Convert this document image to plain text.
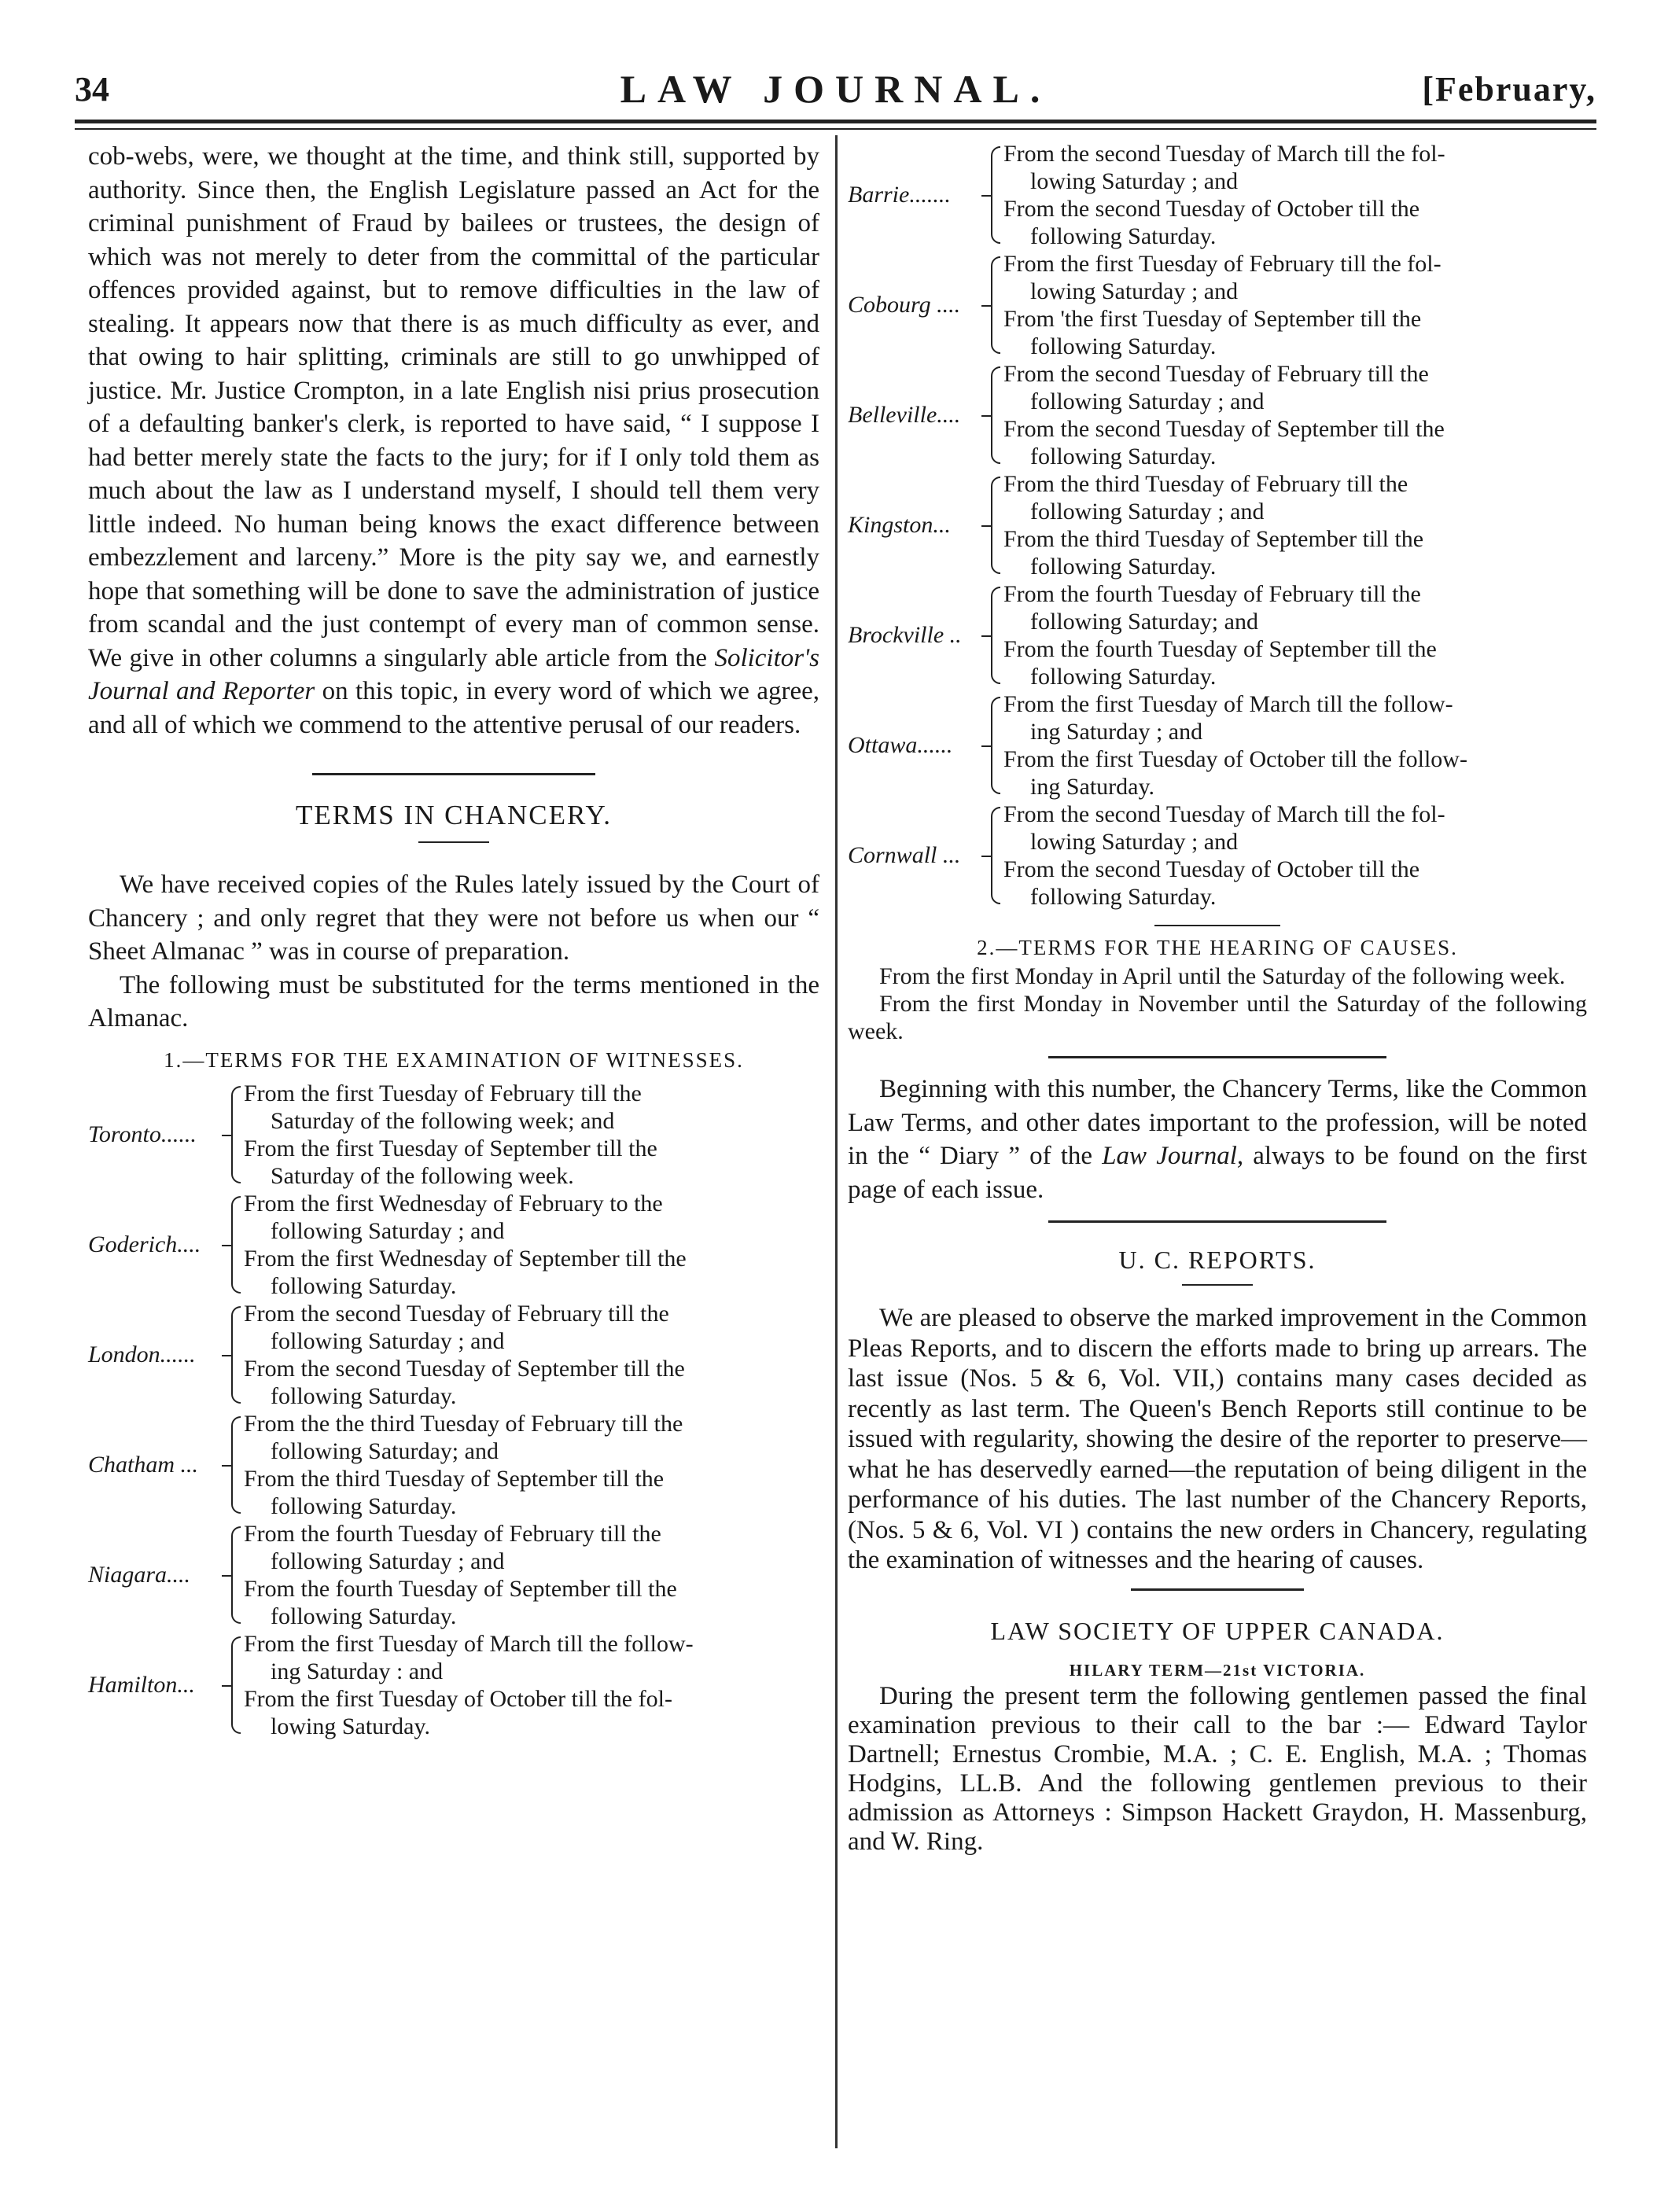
34	LAW JOURNAL.	[February,

cob-webs, were, we thought at the time, and think still, supported by authority. Since then, the English Legislature passed an Act for the criminal punishment of Fraud by bailees or trustees, the design of which was not merely to deter from the committal of the particular offences provided against, but to remove difficulties in the law of stealing. It appears now that there is as much difficulty as ever, and that owing to hair splitting, criminals are still to go unwhipped of justice. Mr. Justice Crompton, in a late English nisi prius prosecution of a defaulting banker's clerk, is reported to have said, “ I suppose I had better merely state the facts to the jury; for if I only told them as much about the law as I understand myself, I should tell them very little indeed. No human being knows the exact difference between embezzlement and larceny.” More is the pity say we, and earnestly hope that something will be done to save the administration of justice from scandal and the just contempt of every man of common sense. We give in other columns a singularly able article from the Solicitor's Journal and Reporter on this topic, in every word of which we agree, and all of which we commend to the attentive perusal of our readers.

TERMS IN CHANCERY.

We have received copies of the Rules lately issued by the Court of Chancery ; and only regret that they were not before us when our “ Sheet Almanac ” was in course of preparation.

The following must be substituted for the terms mentioned in the Almanac.

1.—TERMS FOR THE EXAMINATION OF WITNESSES.
Toronto......
From the first Tuesday of February till the
Saturday of the following week; and
From the first Tuesday of September till the
Saturday of the following week.
Goderich....
From the first Wednesday of February to the
following Saturday ; and
From the first Wednesday of September till the
following Saturday.
London......
From the second Tuesday of February till the
following Saturday ; and
From the second Tuesday of September till the
following Saturday.
Chatham ...
From the the third Tuesday of February till the
following Saturday; and
From the third Tuesday of September till the
following Saturday.
Niagara....
From the fourth Tuesday of February till the
following Saturday ; and
From the fourth Tuesday of September till the
following Saturday.
Hamilton...
From the first Tuesday of March till the follow-
ing Saturday : and
From the first Tuesday of October till the fol-
lowing Saturday.
Barrie.......
From the second Tuesday of March till the fol-
lowing Saturday ; and
From the second Tuesday of October till the
following Saturday.
Cobourg ....
From the first Tuesday of February till the fol-
lowing Saturday ; and
From 'the first Tuesday of September till the
following Saturday.
Belleville....
From the second Tuesday of February till the
following Saturday ; and
From the second Tuesday of September till the
following Saturday.
Kingston...
From the third Tuesday of February till the
following Saturday ; and
From the third Tuesday of September till the
following Saturday.
Brockville ..
From the fourth Tuesday of February till the
following Saturday; and
From the fourth Tuesday of September till the
following Saturday.
Ottawa......
From the first Tuesday of March till the follow-
ing Saturday ; and
From the first Tuesday of October till the follow-
ing Saturday.
Cornwall ...
From the second Tuesday of March till the fol-
lowing Saturday ; and
From the second Tuesday of October till the
following Saturday.
2.—TERMS FOR THE HEARING OF CAUSES.

From the first Monday in April until the Saturday of the following week.

From the first Monday in November until the Saturday of the following week.

Beginning with this number, the Chancery Terms, like the Common Law Terms, and other dates important to the profession, will be noted in the “ Diary ” of the Law Journal, always to be found on the first page of each issue.

U. C. REPORTS.

We are pleased to observe the marked improvement in the Common Pleas Reports, and to discern the efforts made to bring up arrears. The last issue (Nos. 5 & 6, Vol. VII,) contains many cases decided as recently as last term. The Queen's Bench Reports still continue to be issued with regularity, showing the desire of the reporter to preserve—what he has deservedly earned—the reputation of being diligent in the performance of his duties. The last number of the Chancery Reports, (Nos. 5 & 6, Vol. VI ) contains the new orders in Chancery, regulating the examination of witnesses and the hearing of causes.

LAW SOCIETY OF UPPER CANADA.
HILARY TERM—21st VICTORIA.

During the present term the following gentlemen passed the final examination previous to their call to the bar :— Edward Taylor Dartnell; Ernestus Crombie, M.A. ; C. E. English, M.A. ; Thomas Hodgins, LL.B. And the following gentlemen previous to their admission as Attorneys : Simpson Hackett Graydon, H. Massenburg, and W. Ring.
